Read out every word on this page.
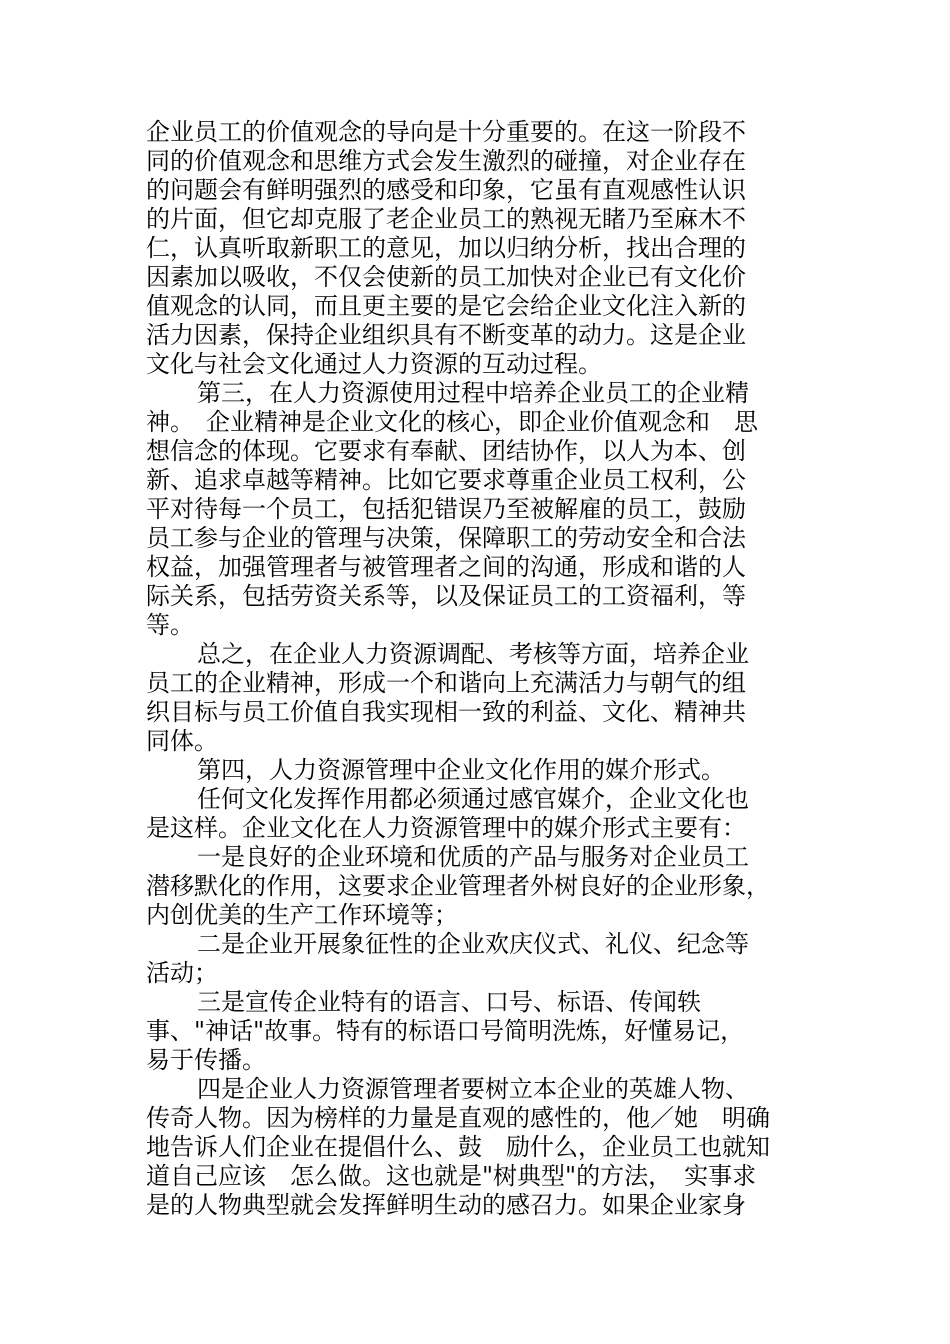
企业员工的价值观念的导向是十分重要的。在这一阶段不
同的价值观念和思维方式会发生激烈的碰撞，对企业存在
的问题会有鲜明强烈的感受和印象，它虽有直观感性认识
的片面，但它却克服了老企业员工的熟视无睹乃至麻木不
仁，认真听取新职工的意见，加以归纳分析，找出合理的
因素加以吸收，不仅会使新的员工加快对企业已有文化价
值观念的认同，而且更主要的是它会给企业文化注入新的
活力因素，保持企业组织具有不断变革的动力。这是企业
文化与社会文化通过人力资源的互动过程。
第三，在人力资源使用过程中培养企业员工的企业精
神。　企业精神是企业文化的核心，即企业价值观念和　思
想信念的体现。它要求有奉献、团结协作，以人为本、创
新、追求卓越等精神。比如它要求尊重企业员工权利，公
平对待每一个员工，包括犯错误乃至被解雇的员工，鼓励
员工参与企业的管理与决策，保障职工的劳动安全和合法
权益，加强管理者与被管理者之间的沟通，形成和谐的人
际关系，包括劳资关系等，以及保证员工的工资福利，等
等。
总之，在企业人力资源调配、考核等方面，培养企业
员工的企业精神，形成一个和谐向上充满活力与朝气的组
织目标与员工价值自我实现相一致的利益、文化、精神共
同体。
第四，人力资源管理中企业文化作用的媒介形式。
任何文化发挥作用都必须通过感官媒介，企业文化也
是这样。企业文化在人力资源管理中的媒介形式主要有：
一是良好的企业环境和优质的产品与服务对企业员工
潜移默化的作用，这要求企业管理者外树良好的企业形象，
内创优美的生产工作环境等；
二是企业开展象征性的企业欢庆仪式、礼仪、纪念等
活动；
三是宣传企业特有的语言、口号、标语、传闻轶
事、"神话"故事。特有的标语口号简明洗炼，好懂易记，
易于传播。
四是企业人力资源管理者要树立本企业的英雄人物、
传奇人物。因为榜样的力量是直观的感性的，他／她　明确
地告诉人们企业在提倡什么、鼓　励什么，企业员工也就知
道自己应该　怎么做。这也就是"树典型"的方法，　实事求
是的人物典型就会发挥鲜明生动的感召力。如果企业家身
